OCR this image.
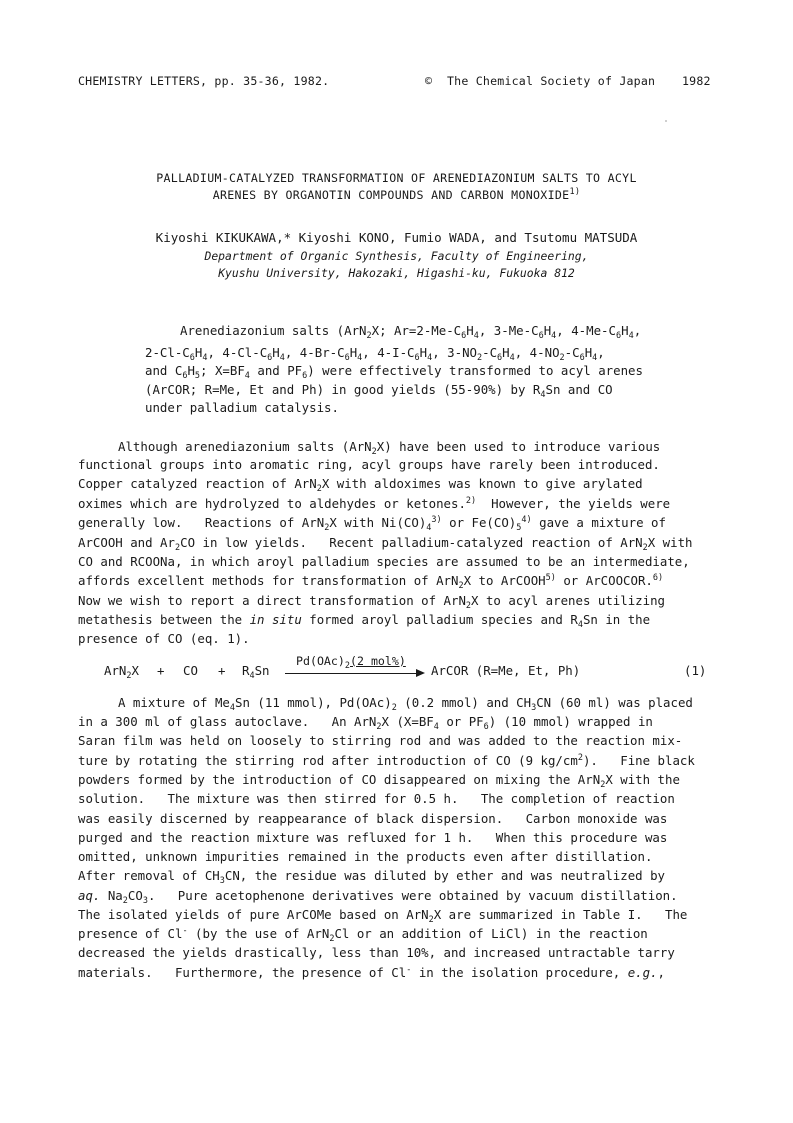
CHEMISTRY LETTERS, pp. 35-36, 1982.	© The Chemical Society of Japan 1982
PALLADIUM-CATALYZED TRANSFORMATION OF ARENEDIAZONIUM SALTS TO ACYL
ARENES BY ORGANOTIN COMPOUNDS AND CARBON MONOXIDE$^{1)}$
Kiyoshi KIKUKAWA,* Kiyoshi KONO, Fumio WADA, and Tsutomu MATSUDA
Department of Organic Synthesis, Faculty of Engineering,
Kyushu University, Hakozaki, Higashi-ku, Fukuoka 812
Arenediazonium salts (ArN$_2$X; $Ar=2-Me-C_6H_4$, $3-Me-C_6H_4$, $4-Me-C_6H_4$,
$2-Cl-C_6H_4$, $4-Cl-C_6H_4$, $4-Br-C_6H_4$, $4-I-C_6H_4$, $3-NO_2-C_6H_4$, $4-NO_2-C_6H_4$,
and $C_6H_5$; $X=BF_4$ and $PF_6$) were effectively transformed to acyl arenes
(ArCOR; R=Me, Et and Ph) in good yields (55-90%) by $R_4Sn$ and CO
under palladium catalysis.
Although arenediazonium salts (ArN$_2$X) have been used to introduce various
functional groups into aromatic ring, acyl groups have rarely been introduced.
Copper catalyzed reaction of ArN$_2$X with aldoximes was known to give arylated
oximes which are hydrolyzed to aldehydes or ketones.$^{2)}$  However, the yields were
generally low.   Reactions of ArN$_2$X with $Ni(CO)_4^{3)}$ or $Fe(CO)_5^{4)}$ gave a mixture of
ArCOOH and $Ar_2CO$ in low yields.   Recent palladium-catalyzed reaction of ArN$_2$X with
CO and RCOONa, in which aroyl palladium species are assumed to be an intermediate,
affords excellent methods for transformation of ArN$_2$X to ArCOOH$^{5)}$ or ArCOOCOR.$^{6)}$
Now we wish to report a direct transformation of ArN$_2$X to acyl arenes utilizing
metathesis between the in situ formed aroyl palladium species and $R_4Sn$ in the
presence of CO (eq. 1).
ArN$_2$X + CO + $R_4Sn$
$Pd(OAc)_2(2$ mol%)
ArCOR (R=Me, Et, Ph)	(1)
A mixture of $Me_4Sn$ (11 mmol), $Pd(OAc)_2$ (0.2 mmol) and $CH_3CN$ (60 ml) was placed
in a 300 ml of glass autoclave.   An ArN$_2$X ($X=BF_4$ or $PF_6$) (10 mmol) wrapped in
Saran film was held on loosely to stirring rod and was added to the reaction mix-
ture by rotating the stirring rod after introduction of CO (9 $kg/cm^2$).   Fine black
powders formed by the introduction of CO disappeared on mixing the ArN$_2$X with the
solution.   The mixture was then stirred for 0.5 h.   The completion of reaction
was easily discerned by reappearance of black dispersion.   Carbon monoxide was
purged and the reaction mixture was refluxed for 1 h.   When this procedure was
omitted, unknown impurities remained in the products even after distillation.
After removal of $CH_3CN$, the residue was diluted by ether and was neutralized by
aq. $Na_2CO_3$.   Pure acetophenone derivatives were obtained by vacuum distillation.
The isolated yields of pure ArCOMe based on ArN$_2$X are summarized in Table I.   The
presence of Cl- (by the use of ArN$_2$Cl or an addition of LiCl) in the reaction
decreased the yields drastically, less than 10%, and increased untractable tarry
materials.   Furthermore, the presence of Cl- in the isolation procedure, e.g.,
